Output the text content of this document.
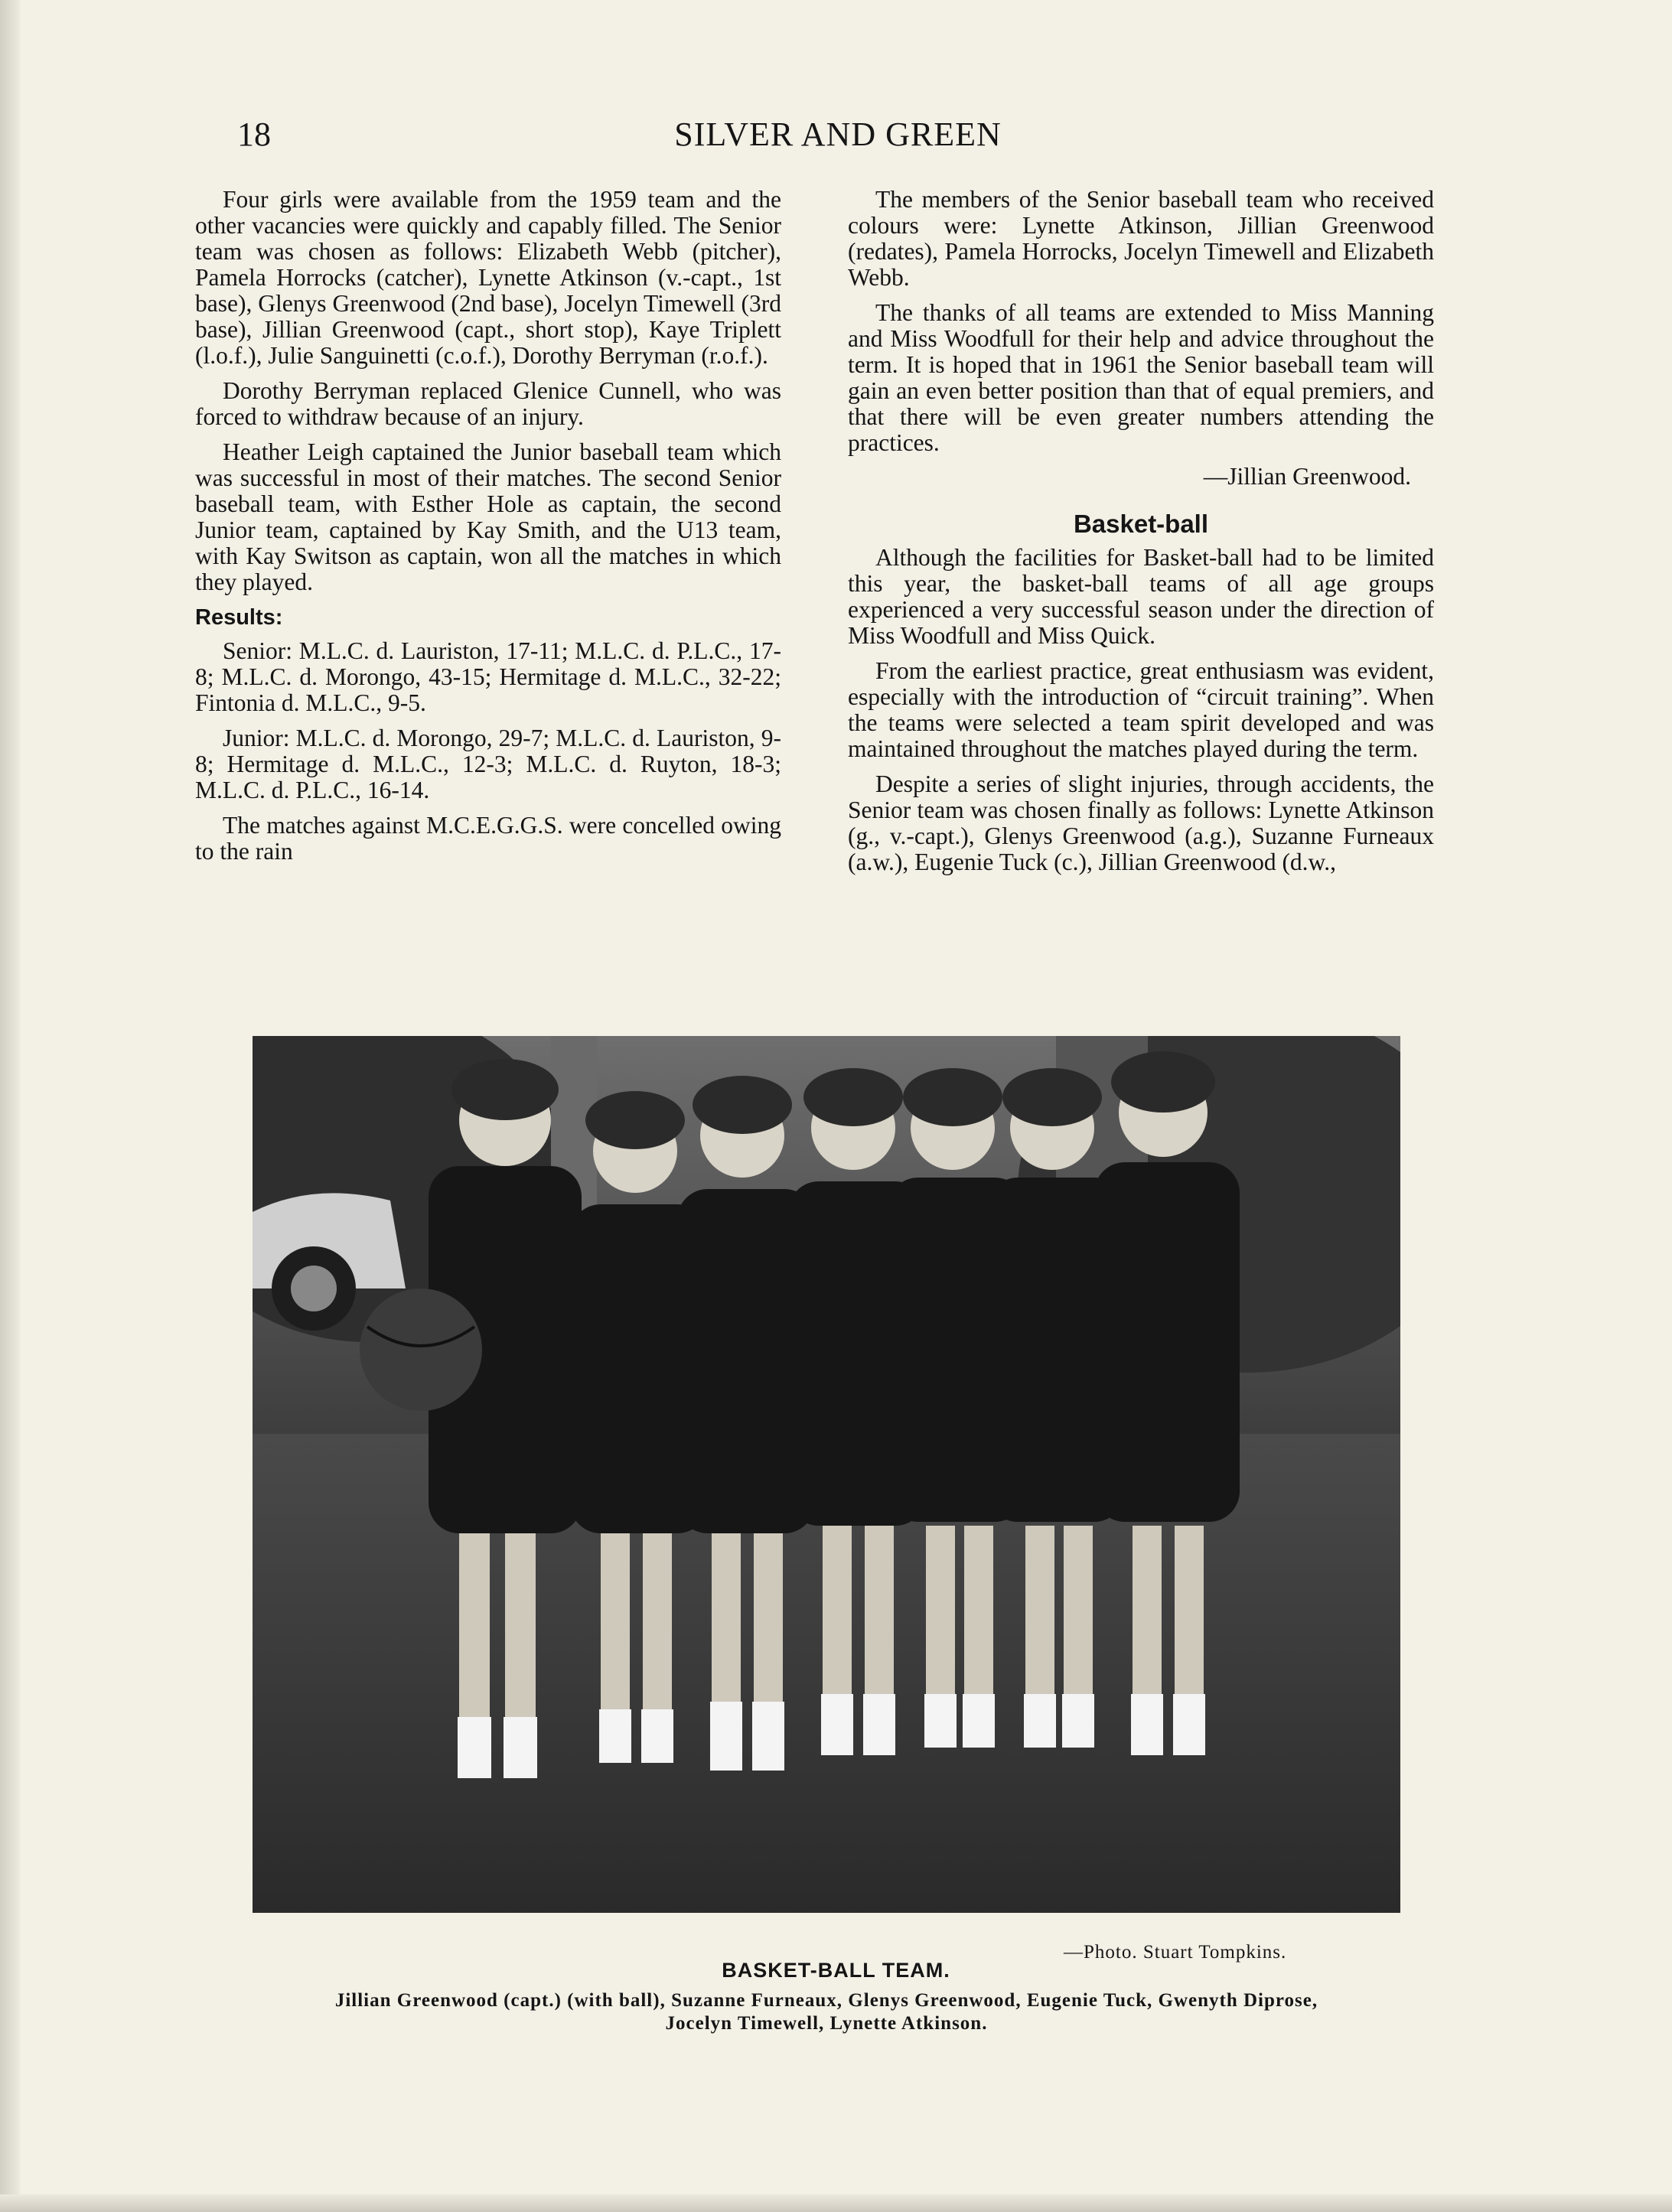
18	SILVER AND GREEN

Four girls were available from the 1959 team and the other vacancies were quickly and capably filled. The Senior team was chosen as follows: Elizabeth Webb (pitcher), Pamela Horrocks (catcher), Lynette Atkinson (v.-capt., 1st base), Glenys Greenwood (2nd base), Jocelyn Timewell (3rd base), Jillian Greenwood (capt., short stop), Kaye Triplett (l.o.f.), Julie Sanguinetti (c.o.f.), Dorothy Berryman (r.o.f.).

Dorothy Berryman replaced Glenice Cunnell, who was forced to withdraw because of an injury.

Heather Leigh captained the Junior baseball team which was successful in most of their matches. The second Senior baseball team, with Esther Hole as captain, the second Junior team, captained by Kay Smith, and the U13 team, with Kay Switson as captain, won all the matches in which they played.

Results:

Senior: M.L.C. d. Lauriston, 17-11; M.L.C. d. P.L.C., 17-8; M.L.C. d. Morongo, 43-15; Hermitage d. M.L.C., 32-22; Fintonia d. M.L.C., 9-5.

Junior: M.L.C. d. Morongo, 29-7; M.L.C. d. Lauriston, 9-8; Hermitage d. M.L.C., 12-3; M.L.C. d. Ruyton, 18-3; M.L.C. d. P.L.C., 16-14.

The matches against M.C.E.G.G.S. were concelled owing to the rain

The members of the Senior baseball team who received colours were: Lynette Atkinson, Jillian Greenwood (redates), Pamela Horrocks, Jocelyn Timewell and Elizabeth Webb.

The thanks of all teams are extended to Miss Manning and Miss Woodfull for their help and advice throughout the term. It is hoped that in 1961 the Senior baseball team will gain an even better position than that of equal premiers, and that there will be even greater numbers attending the practices.

—Jillian Greenwood.

Basket-ball

Although the facilities for Basket-ball had to be limited this year, the basket-ball teams of all age groups experienced a very successful season under the direction of Miss Woodfull and Miss Quick.

From the earliest practice, great enthusiasm was evident, especially with the introduction of “circuit training”. When the teams were selected a team spirit developed and was maintained throughout the matches played during the term.

Despite a series of slight injuries, through accidents, the Senior team was chosen finally as follows: Lynette Atkinson (g., v.-capt.), Glenys Greenwood (a.g.), Suzanne Furneaux (a.w.), Eugenie Tuck (c.), Jillian Greenwood (d.w.,

—Photo. Stuart Tompkins.
BASKET-BALL TEAM.
Jillian Greenwood (capt.) (with ball), Suzanne Furneaux, Glenys Greenwood, Eugenie Tuck, Gwenyth Diprose, Jocelyn Timewell, Lynette Atkinson.
